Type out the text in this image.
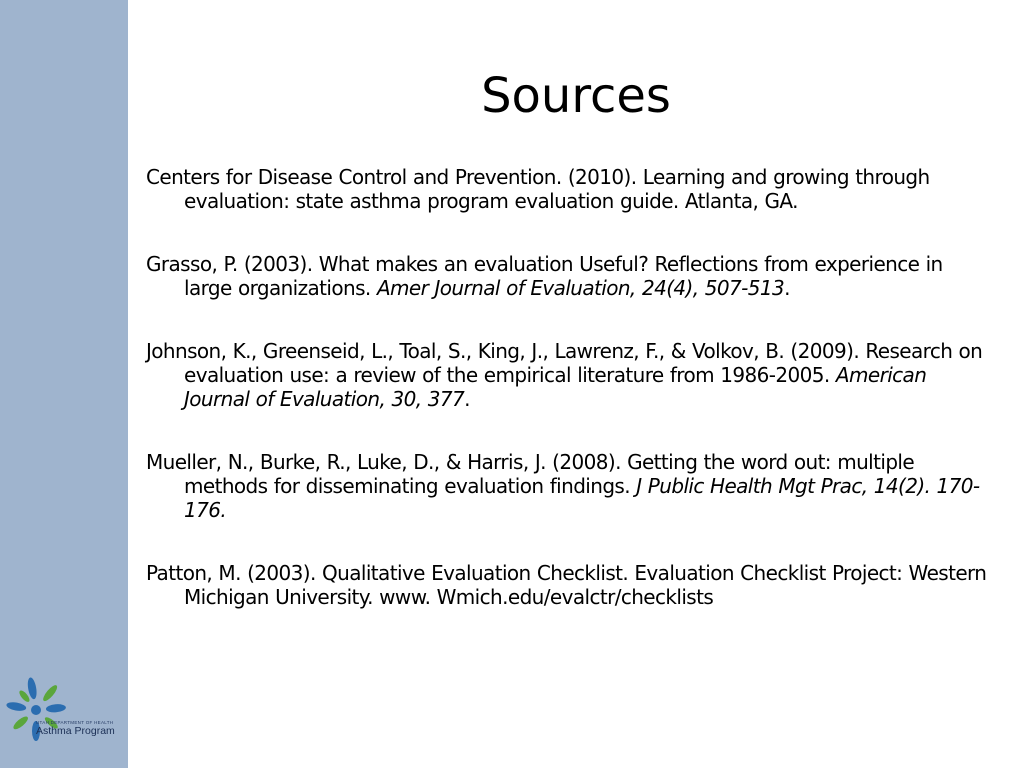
UTAH DEPARTMENT OF HEALTH
Asthma Program
Sources
Centers for Disease Control and Prevention. (2010). Learning and growing through evaluation: state asthma program evaluation guide. Atlanta, GA.
Grasso, P. (2003). What makes an evaluation Useful? Reflections from experience in large organizations. Amer Journal of Evaluation, 24(4), 507-513.
Johnson, K., Greenseid, L., Toal, S., King, J., Lawrenz, F., & Volkov, B. (2009). Research on evaluation use: a review of the empirical literature from 1986-2005. American Journal of Evaluation, 30, 377.
Mueller, N., Burke, R., Luke, D., & Harris, J. (2008). Getting the word out: multiple methods for disseminating evaluation findings. J Public Health Mgt Prac, 14(2). 170-176.
Patton, M. (2003). Qualitative Evaluation Checklist. Evaluation Checklist Project: Western Michigan University. www. Wmich.edu/evalctr/checklists
